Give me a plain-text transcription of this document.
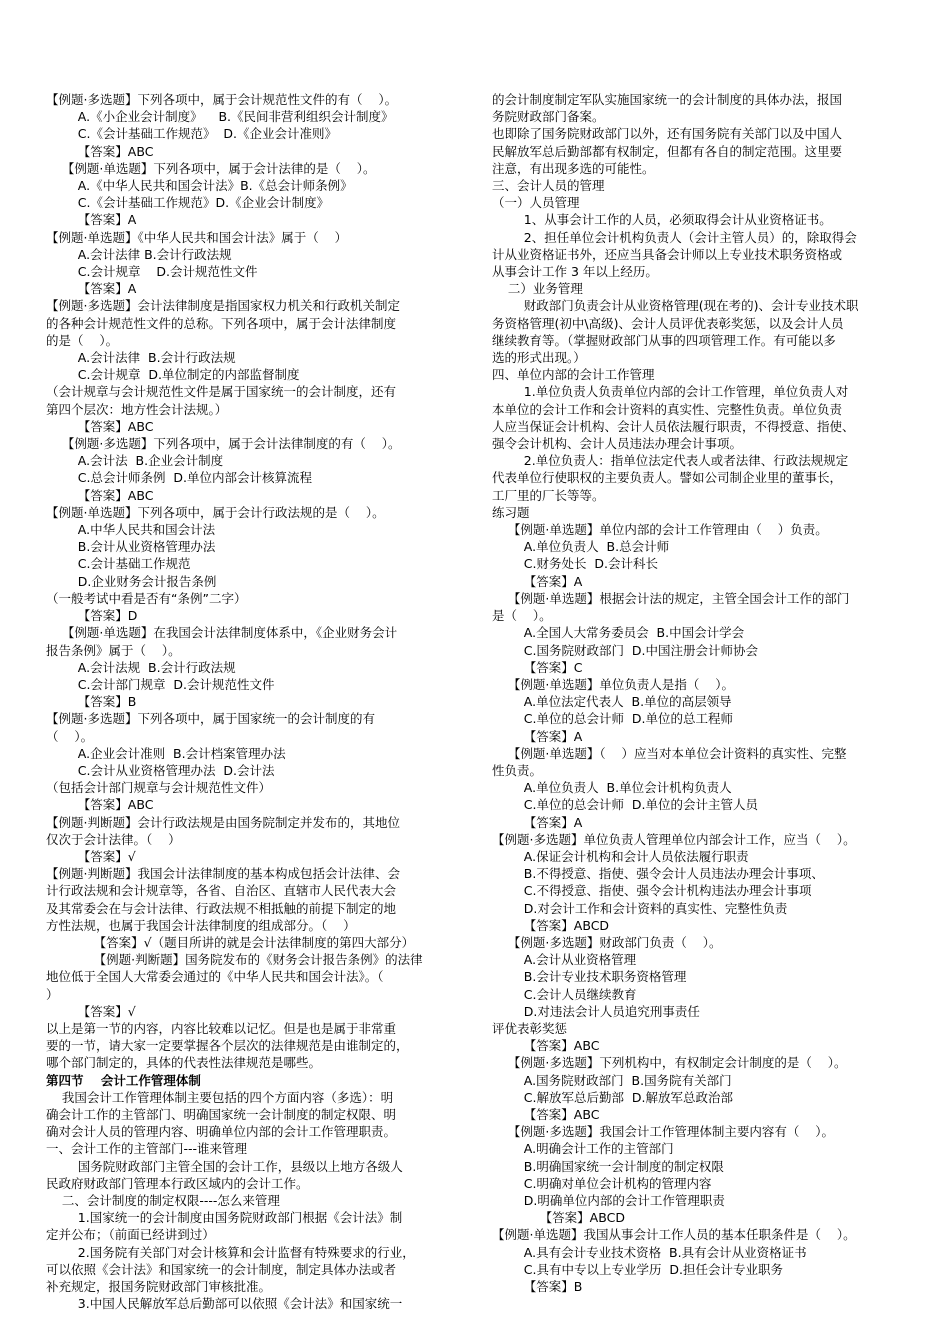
【例题·多选题】下列各项中，属于会计规范性文件的有（    ）。
A.《小企业会计制度》    B.《民间非营利组织会计制度》
C.《会计基础工作规范》  D.《企业会计准则》
【答案】ABC
【例题·单选题】下列各项中，属于会计法律的是（    ）。
A.《中华人民共和国会计法》B.《总会计师条例》
C.《会计基础工作规范》D.《企业会计制度》
【答案】A
【例题·单选题】《中华人民共和国会计法》属于（    ）
A.会计法律 B.会计行政法规
C.会计规章    D.会计规范性文件
【答案】A
【例题·多选题】会计法律制度是指国家权力机关和行政机关制定
的各种会计规范性文件的总称。下列各项中，属于会计法律制度
的是（    ）。
A.会计法律  B.会计行政法规
C.会计规章  D.单位制定的内部监督制度
（会计规章与会计规范性文件是属于国家统一的会计制度，还有
第四个层次：地方性会计法规。）
【答案】ABC
【例题·多选题】下列各项中，属于会计法律制度的有（    ）。
A.会计法  B.企业会计制度
C.总会计师条例  D.单位内部会计核算流程
【答案】ABC
【例题·单选题】下列各项中，属于会计行政法规的是（    ）。
A.中华人民共和国会计法
B.会计从业资格管理办法
C.会计基础工作规范
D.企业财务会计报告条例
（一般考试中看是否有“条例”二字）
【答案】D
【例题·单选题】在我国会计法律制度体系中，《企业财务会计
报告条例》属于（    ）。
A.会计法规  B.会计行政法规
C.会计部门规章  D.会计规范性文件
【答案】B
【例题·多选题】下列各项中，属于国家统一的会计制度的有
（    ）。
A.企业会计准则  B.会计档案管理办法
C.会计从业资格管理办法  D.会计法
（包括会计部门规章与会计规范性文件）
【答案】ABC
【例题·判断题】会计行政法规是由国务院制定并发布的，其地位
仅次于会计法律。（    ）
【答案】√
【例题·判断题】我国会计法律制度的基本构成包括会计法律、会
计行政法规和会计规章等，各省、自治区、直辖市人民代表大会
及其常委会在与会计法律、行政法规不相抵触的前提下制定的地
方性法规，也属于我国会计法律制度的组成部分。（    ）
【答案】√（题目所讲的就是会计法律制度的第四大部分）
【例题·判断题】国务院发布的《财务会计报告条例》的法律
地位低于全国人大常委会通过的《中华人民共和国会计法》。（
）
【答案】√
以上是第一节的内容，内容比较难以记忆。但是也是属于非常重
要的一节，请大家一定要掌握各个层次的法律规范是由谁制定的，
哪个部门制定的，具体的代表性法律规范是哪些。
第四节    会计工作管理体制
我国会计工作管理体制主要包括的四个方面内容（多选）：明
确会计工作的主管部门、明确国家统一会计制度的制定权限、明
确对会计人员的管理内容、明确单位内部的会计工作管理职责。
一、会计工作的主管部门---谁来管理
国务院财政部门主管全国的会计工作，县级以上地方各级人
民政府财政部门管理本行政区域内的会计工作。
二、会计制度的制定权限----怎么来管理
1.国家统一的会计制度由国务院财政部门根据《会计法》制
定并公布；（前面已经讲到过）
2.国务院有关部门对会计核算和会计监督有特殊要求的行业，
可以依照《会计法》和国家统一的会计制度，制定具体办法或者
补充规定，报国务院财政部门审核批准。
3.中国人民解放军总后勤部可以依照《会计法》和国家统一
的会计制度制定军队实施国家统一的会计制度的具体办法，报国
务院财政部门备案。
也即除了国务院财政部门以外，还有国务院有关部门以及中国人
民解放军总后勤部都有权制定，但都有各自的制定范围。这里要
注意，有出现多选的可能性。
三、会计人员的管理
（一）人员管理
1、从事会计工作的人员，必须取得会计从业资格证书。
2、担任单位会计机构负责人（会计主管人员）的，除取得会
计从业资格证书外，还应当具备会计师以上专业技术职务资格或
从事会计工作 3 年以上经历。
二）业务管理
财政部门负责会计从业资格管理(现在考的)、会计专业技术职
务资格管理(初中\高级)、会计人员评优表彰奖惩，以及会计人员
继续教育等。（掌握财政部门从事的四项管理工作。有可能以多
选的形式出现。）
四、单位内部的会计工作管理
1.单位负责人负责单位内部的会计工作管理，单位负责人对
本单位的会计工作和会计资料的真实性、完整性负责。单位负责
人应当保证会计机构、会计人员依法履行职责，不得授意、指使、
强令会计机构、会计人员违法办理会计事项。
2.单位负责人：指单位法定代表人或者法律、行政法规规定
代表单位行使职权的主要负责人。譬如公司制企业里的董事长，
工厂里的厂长等等。
练习题
【例题·单选题】单位内部的会计工作管理由（    ）负责。
A.单位负责人  B.总会计师
C.财务处长  D.会计科长
【答案】A
【例题·单选题】根据会计法的规定，主管全国会计工作的部门
是（    ）。
A.全国人大常务委员会  B.中国会计学会
C.国务院财政部门  D.中国注册会计师协会
【答案】C
【例题·单选题】单位负责人是指（    ）。
A.单位法定代表人  B.单位的高层领导
C.单位的总会计师  D.单位的总工程师
【答案】A
【例题·单选题】（    ）应当对本单位会计资料的真实性、完整
性负责。
A.单位负责人  B.单位会计机构负责人
C.单位的总会计师  D.单位的会计主管人员
【答案】A
【例题·多选题】单位负责人管理单位内部会计工作，应当（    ）。
A.保证会计机构和会计人员依法履行职责
B.不得授意、指使、强令会计人员违法办理会计事项、
C.不得授意、指使、强令会计机构违法办理会计事项
D.对会计工作和会计资料的真实性、完整性负责
【答案】ABCD
【例题·多选题】财政部门负责（    ）。
A.会计从业资格管理
B.会计专业技术职务资格管理
C.会计人员继续教育
D.对违法会计人员追究刑事责任
评优表彰奖惩
【答案】ABC
【例题·多选题】下列机构中，有权制定会计制度的是（    ）。
A.国务院财政部门  B.国务院有关部门
C.解放军总后勤部  D.解放军总政治部
【答案】ABC
【例题·多选题】我国会计工作管理体制主要内容有（    ）。
A.明确会计工作的主管部门
B.明确国家统一会计制度的制定权限
C.明确对单位会计机构的管理内容
D.明确单位内部的会计工作管理职责
【答案】ABCD
【例题·单选题】我国从事会计工作人员的基本任职条件是（    ）。
A.具有会计专业技术资格  B.具有会计从业资格证书
C.具有中专以上专业学历  D.担任会计专业职务
【答案】B
